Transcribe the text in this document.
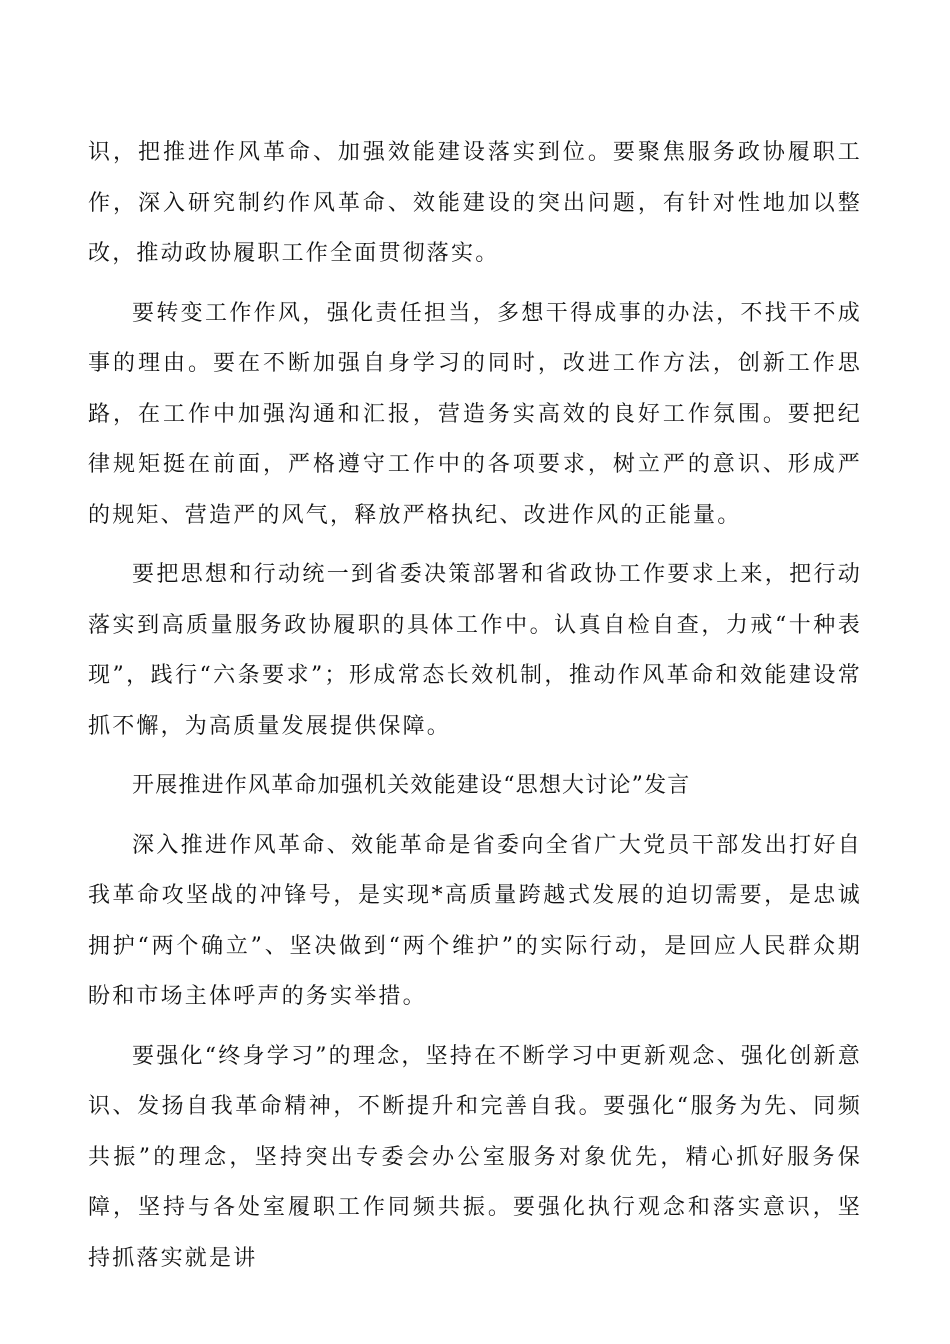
识，把推进作风革命、加强效能建设落实到位。要聚焦服务政协履职工作，深入研究制约作风革命、效能建设的突出问题，有针对性地加以整改，推动政协履职工作全面贯彻落实。

要转变工作作风，强化责任担当，多想干得成事的办法，不找干不成事的理由。要在不断加强自身学习的同时，改进工作方法，创新工作思路，在工作中加强沟通和汇报，营造务实高效的良好工作氛围。要把纪律规矩挺在前面，严格遵守工作中的各项要求，树立严的意识、形成严的规矩、营造严的风气，释放严格执纪、改进作风的正能量。

要把思想和行动统一到省委决策部署和省政协工作要求上来，把行动落实到高质量服务政协履职的具体工作中。认真自检自查，力戒“十种表现”，践行“六条要求”；形成常态长效机制，推动作风革命和效能建设常抓不懈，为高质量发展提供保障。

开展推进作风革命加强机关效能建设“思想大讨论”发言

深入推进作风革命、效能革命是省委向全省广大党员干部发出打好自我革命攻坚战的冲锋号，是实现*高质量跨越式发展的迫切需要，是忠诚拥护“两个确立”、坚决做到“两个维护”的实际行动，是回应人民群众期盼和市场主体呼声的务实举措。

要强化“终身学习”的理念，坚持在不断学习中更新观念、强化创新意识、发扬自我革命精神，不断提升和完善自我。要强化“服务为先、同频共振”的理念，坚持突出专委会办公室服务对象优先，精心抓好服务保障，坚持与各处室履职工作同频共振。要强化执行观念和落实意识，坚持抓落实就是讲
